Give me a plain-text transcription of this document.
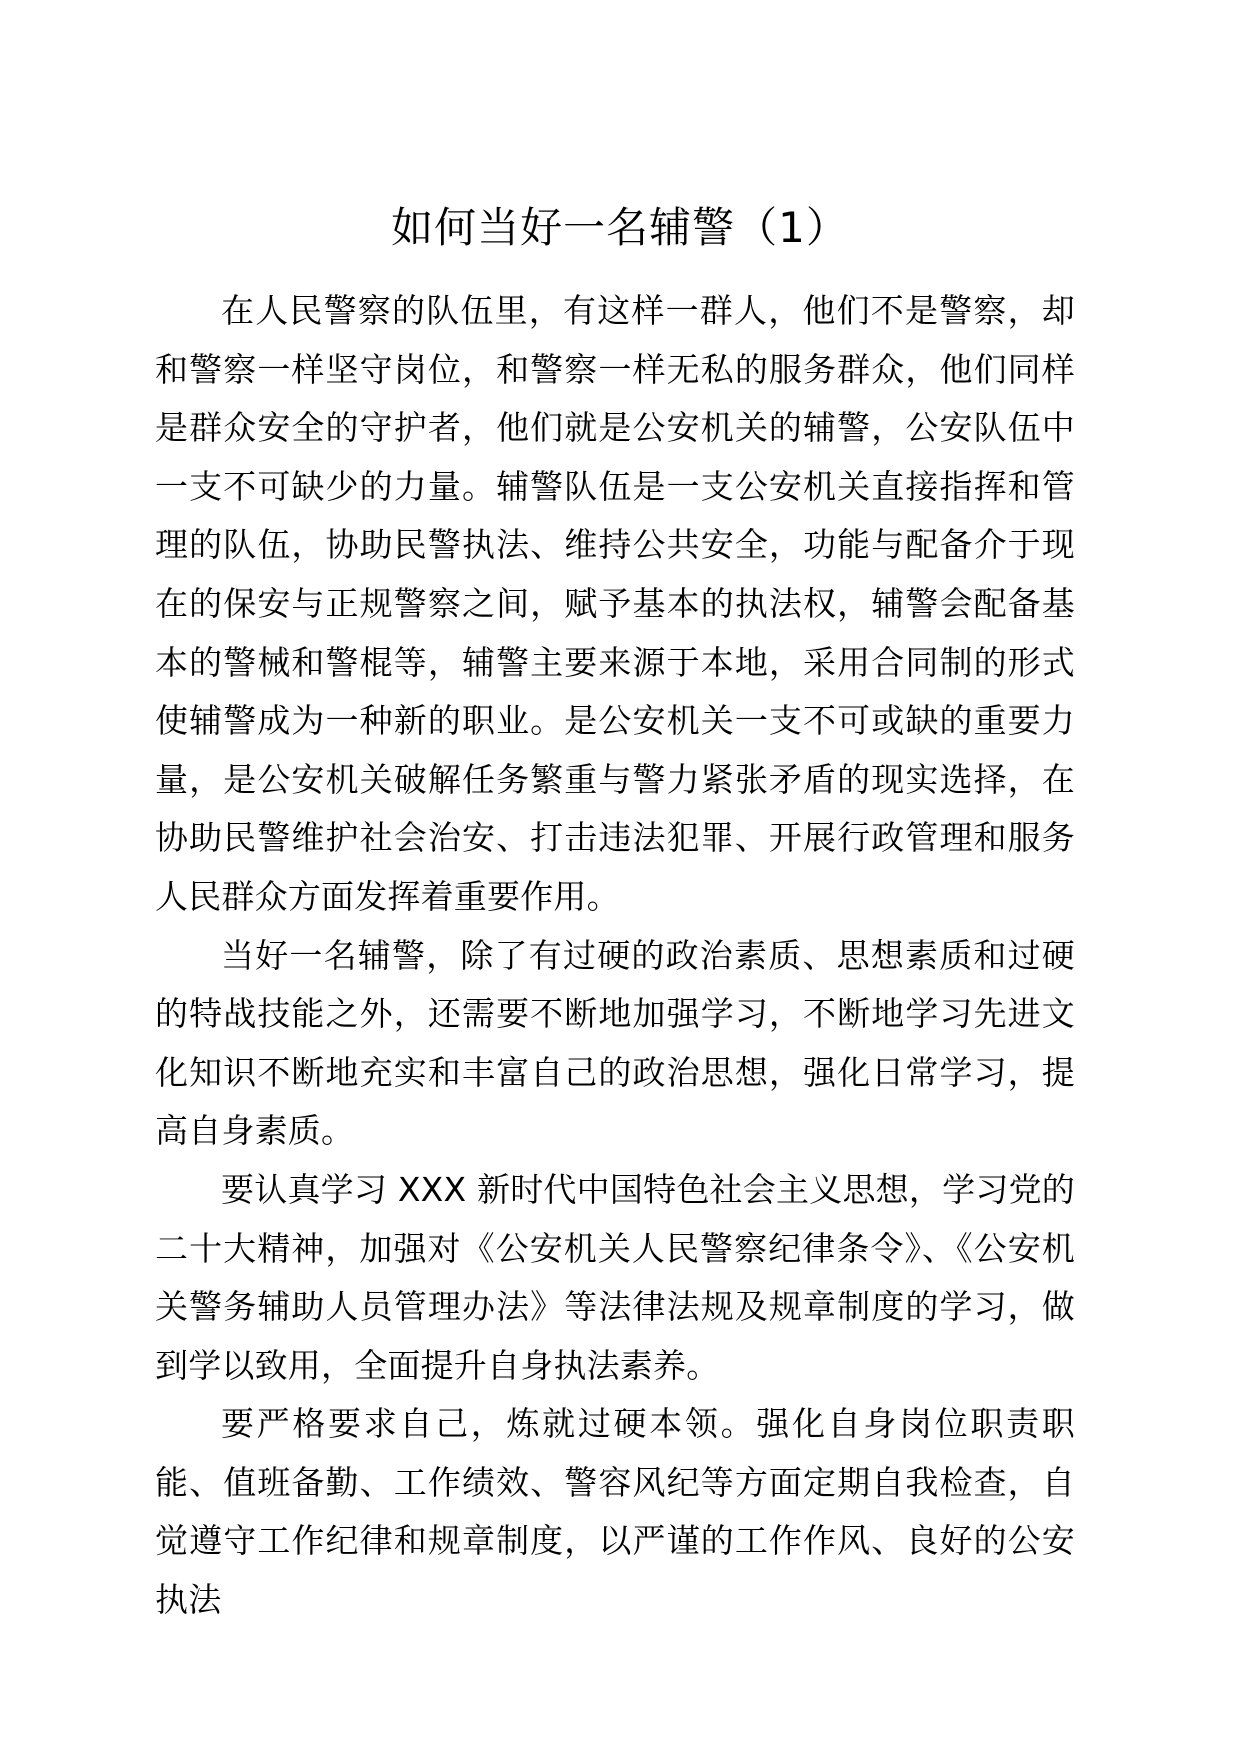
如何当好一名辅警（1）

在人民警察的队伍里，有这样一群人，他们不是警察，却和警察一样坚守岗位，和警察一样无私的服务群众，他们同样是群众安全的守护者，他们就是公安机关的辅警，公安队伍中一支不可缺少的力量。辅警队伍是一支公安机关直接指挥和管理的队伍，协助民警执法、维持公共安全，功能与配备介于现在的保安与正规警察之间，赋予基本的执法权，辅警会配备基本的警械和警棍等，辅警主要来源于本地，采用合同制的形式使辅警成为一种新的职业。是公安机关一支不可或缺的重要力量，是公安机关破解任务繁重与警力紧张矛盾的现实选择，在协助民警维护社会治安、打击违法犯罪、开展行政管理和服务人民群众方面发挥着重要作用。

当好一名辅警，除了有过硬的政治素质、思想素质和过硬的特战技能之外，还需要不断地加强学习，不断地学习先进文化知识不断地充实和丰富自己的政治思想，强化日常学习，提高自身素质。

要认真学习 XXX 新时代中国特色社会主义思想，学习党的二十大精神，加强对《公安机关人民警察纪律条令》、《公安机关警务辅助人员管理办法》等法律法规及规章制度的学习，做到学以致用，全面提升自身执法素养。

要严格要求自己，炼就过硬本领。强化自身岗位职责职能、值班备勤、工作绩效、警容风纪等方面定期自我检查，自觉遵守工作纪律和规章制度，以严谨的工作作风、良好的公安执法
